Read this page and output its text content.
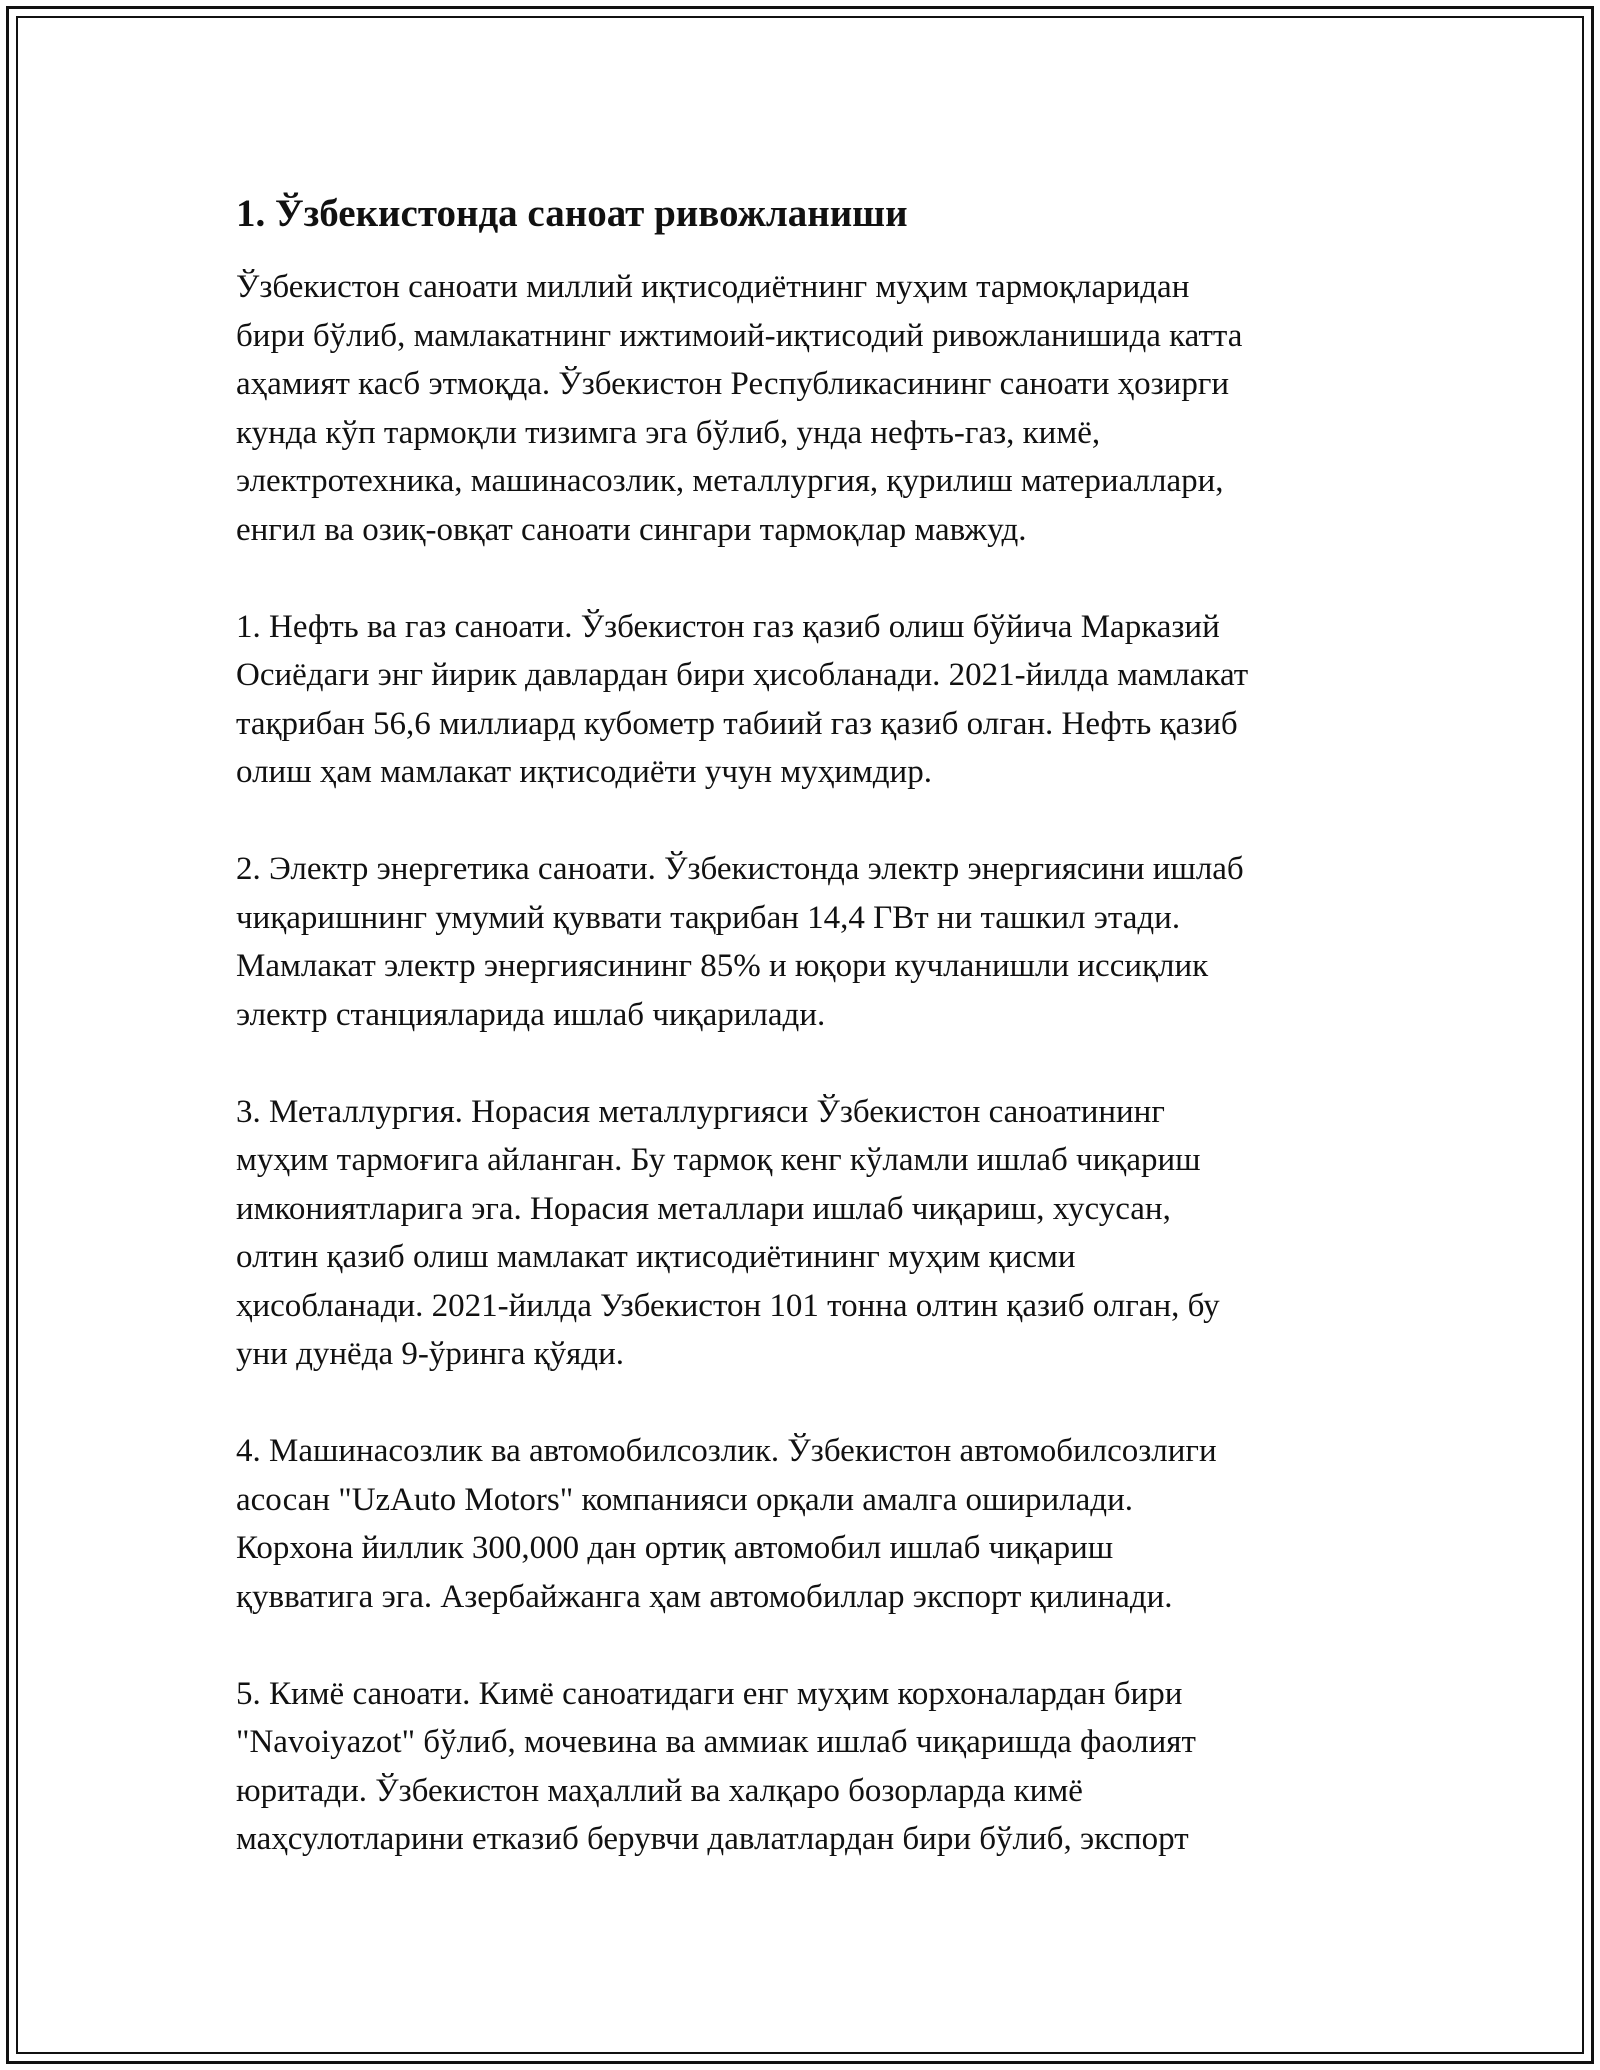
1. Ўзбекистонда саноат ривожланиши

Ўзбекистон саноати миллий иқтисодиётнинг муҳим тармоқларидан
бири бўлиб, мамлакатнинг ижтимоий-иқтисодий ривожланишида катта
аҳамият касб этмоқда. Ўзбекистон Республикасининг саноати ҳозирги
кунда кўп тармоқли тизимга эга бўлиб, унда нефть-газ, кимё,
электротехника, машинасозлик, металлургия, қурилиш материаллари,
енгил ва озиқ-овқат саноати сингари тармоқлар мавжуд.

1. Нефть ва газ саноати. Ўзбекистон газ қазиб олиш бўйича Марказий
Осиёдаги энг йирик давлардан бири ҳисобланади. 2021-йилда мамлакат
тақрибан 56,6 миллиард кубометр табиий газ қазиб олган. Нефть қазиб
олиш ҳам мамлакат иқтисодиёти учун муҳимдир.

2. Электр энергетика саноати. Ўзбекистонда электр энергиясини ишлаб
чиқаришнинг умумий қуввати тақрибан 14,4 ГВт ни ташкил этади.
Мамлакат электр энергиясининг 85% и юқори кучланишли иссиқлик
электр станцияларида ишлаб чиқарилади.

3. Металлургия. Норасия металлургияси Ўзбекистон саноатининг
муҳим тармоғига айланган. Бу тармоқ кенг кўламли ишлаб чиқариш
имкониятларига эга. Норасия металлари ишлаб чиқариш, хусусан,
олтин қазиб олиш мамлакат иқтисодиётининг муҳим қисми
ҳисобланади. 2021-йилда Узбекистон 101 тонна олтин қазиб олган, бу
уни дунёда 9-ўринга қўяди.

4. Машинасозлик ва автомобилсозлик. Ўзбекистон автомобилсозлиги
асосан "UzAuto Motors" компанияси орқали амалга оширилади.
Корхона йиллик 300,000 дан ортиқ автомобил ишлаб чиқариш
қувватига эга. Азербайжанга ҳам автомобиллар экспорт қилинади.

5. Кимё саноати. Кимё саноатидаги енг муҳим корхоналардан бири
"Navoiyazot" бўлиб, мочевина ва аммиак ишлаб чиқаришда фаолият
юритади. Ўзбекистон маҳаллий ва халқаро бозорларда кимё
маҳсулотларини етказиб берувчи давлатлардан бири бўлиб, экспорт
